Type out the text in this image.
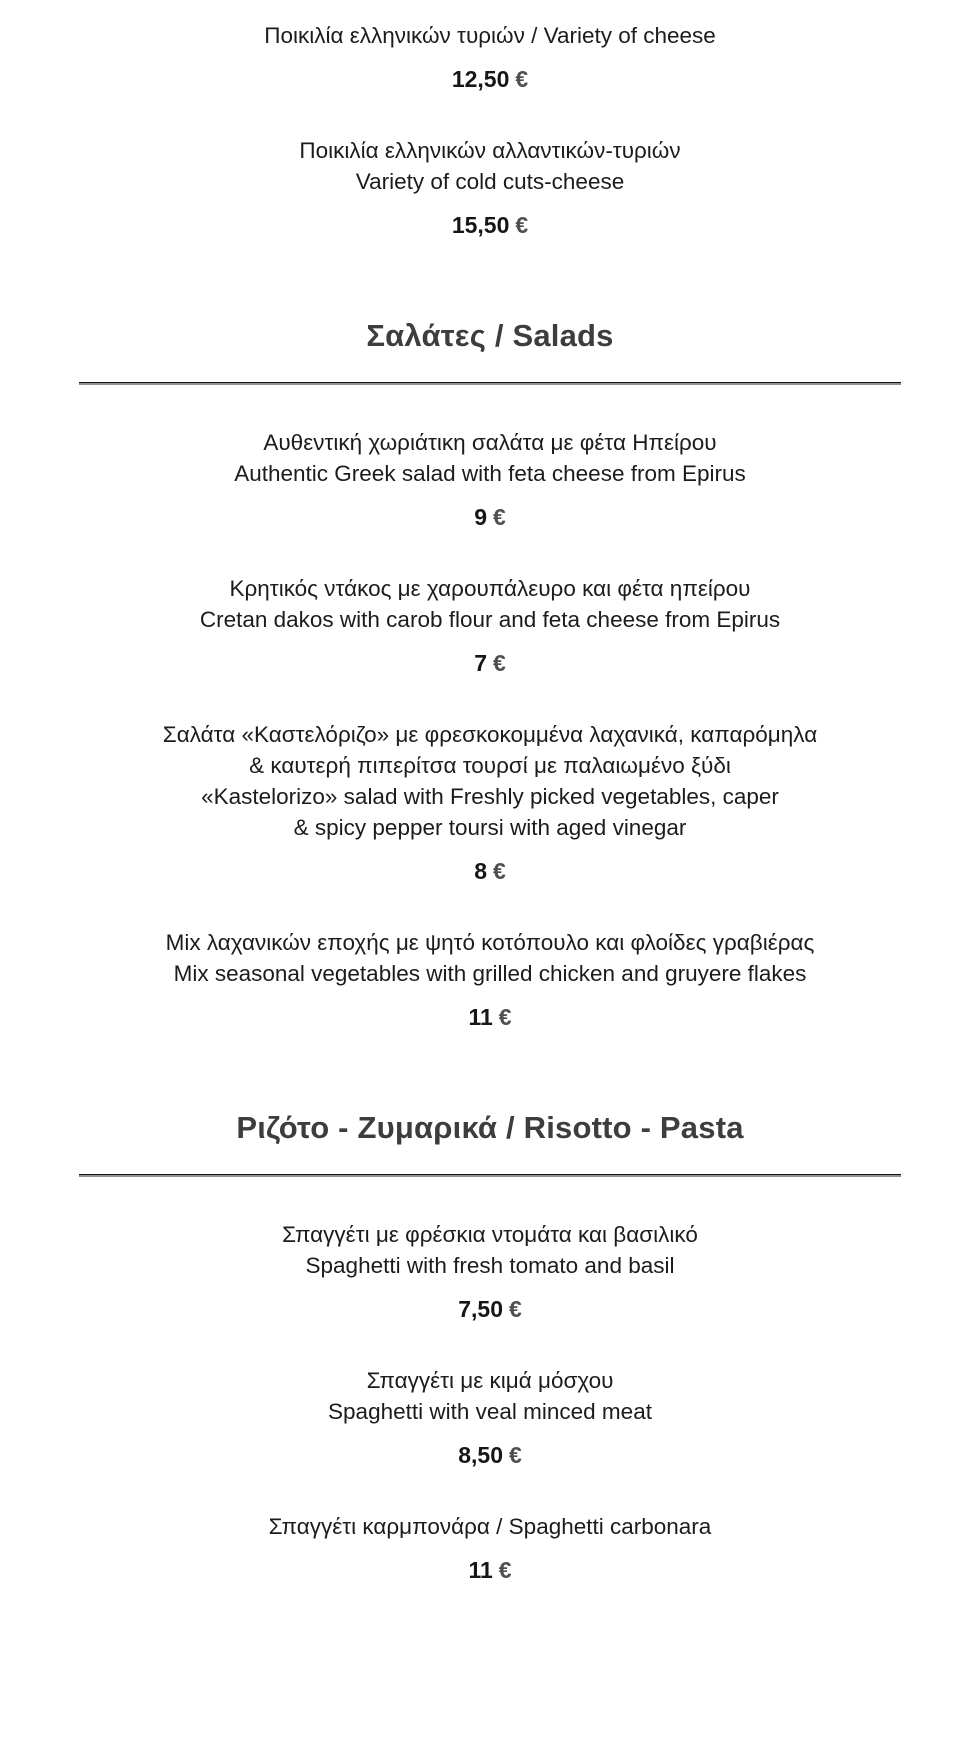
Ποικιλία ελληνικών τυριών / Variety of cheese
12,50 €
Ποικιλία ελληνικών αλλαντικών-τυριών
Variety of cold cuts-cheese
15,50 €
Σαλάτες / Salads
Αυθεντική χωριάτικη σαλάτα με φέτα Ηπείρου
Authentic Greek salad with feta cheese from Epirus
9 €
Κρητικός ντάκος με χαρουπάλευρο και φέτα ηπείρου
Cretan dakos with carob flour and feta cheese from Epirus
7 €
Σαλάτα «Καστελόριζο» με φρεσκοκομμένα λαχανικά, καπαρόμηλα
& καυτερή πιπερίτσα τουρσί με παλαιωμένο ξύδι
«Kastelorizo» salad with Freshly picked vegetables, caper
& spicy pepper toursi with aged vinegar
8 €
Mix λαχανικών εποχής με ψητό κοτόπουλο και φλοίδες γραβιέρας
Mix seasonal vegetables with grilled chicken and gruyere flakes
11 €
Ριζότο - Ζυμαρικά / Risotto - Pasta
Σπαγγέτι με φρέσκια ντομάτα και βασιλικό
Spaghetti with fresh tomato and basil
7,50 €
Σπαγγέτι με κιμά μόσχου
Spaghetti with veal minced meat
8,50 €
Σπαγγέτι καρμπονάρα / Spaghetti carbonara
11 €
